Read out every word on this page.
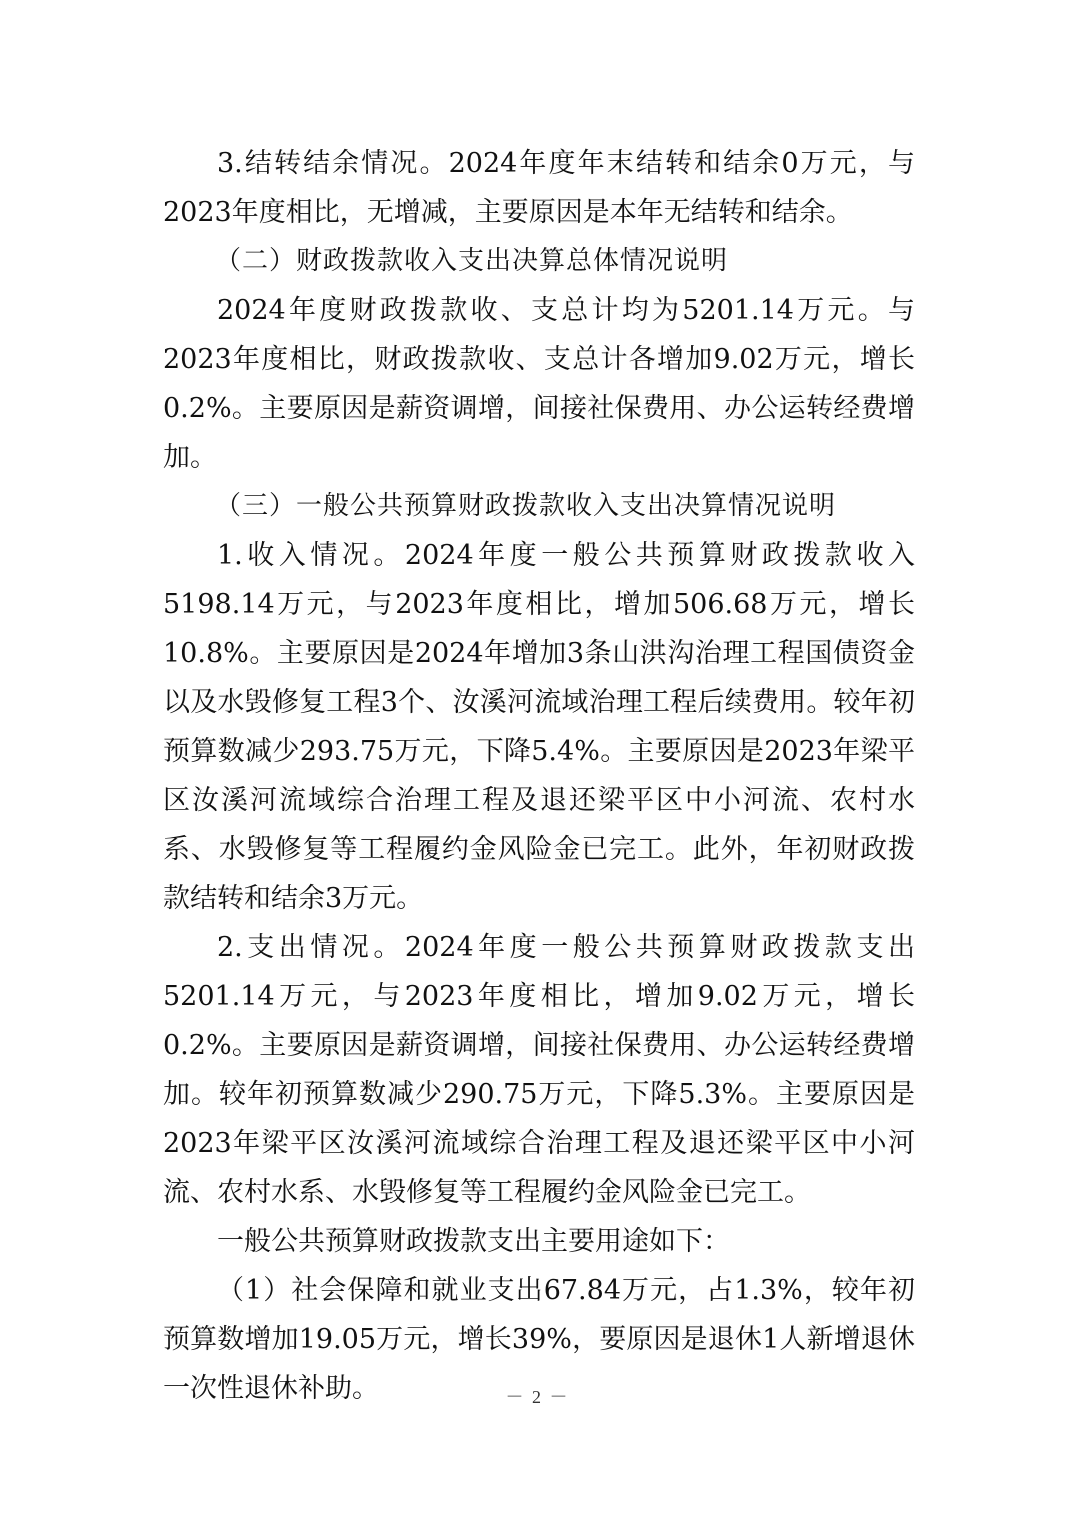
3.结转结余情况。2024年度年末结转和结余0万元，与2023年度相比，无增减，主要原因是本年无结转和结余。

（二）财政拨款收入支出决算总体情况说明

2024年度财政拨款收、支总计均为5201.14万元。与2023年度相比，财政拨款收、支总计各增加9.02万元，增长0.2%。主要原因是薪资调增，间接社保费用、办公运转经费增加。

（三）一般公共预算财政拨款收入支出决算情况说明

1.收入情况。2024年度一般公共预算财政拨款收入5198.14万元，与2023年度相比，增加506.68万元，增长10.8%。主要原因是2024年增加3条山洪沟治理工程国债资金以及水毁修复工程3个、汝溪河流域治理工程后续费用。较年初预算数减少293.75万元，下降5.4%。主要原因是2023年梁平区汝溪河流域综合治理工程及退还梁平区中小河流、农村水系、水毁修复等工程履约金风险金已完工。此外，年初财政拨款结转和结余3万元。

2.支出情况。2024年度一般公共预算财政拨款支出5201.14万元，与2023年度相比，增加9.02万元，增长0.2%。主要原因是薪资调增，间接社保费用、办公运转经费增加。较年初预算数减少290.75万元，下降5.3%。主要原因是2023年梁平区汝溪河流域综合治理工程及退还梁平区中小河流、农村水系、水毁修复等工程履约金风险金已完工。

一般公共预算财政拨款支出主要用途如下：

（1）社会保障和就业支出67.84万元，占1.3%，较年初预算数增加19.05万元，增长39%，要原因是退休1人新增退休一次性退休补助。	－ 2 －
